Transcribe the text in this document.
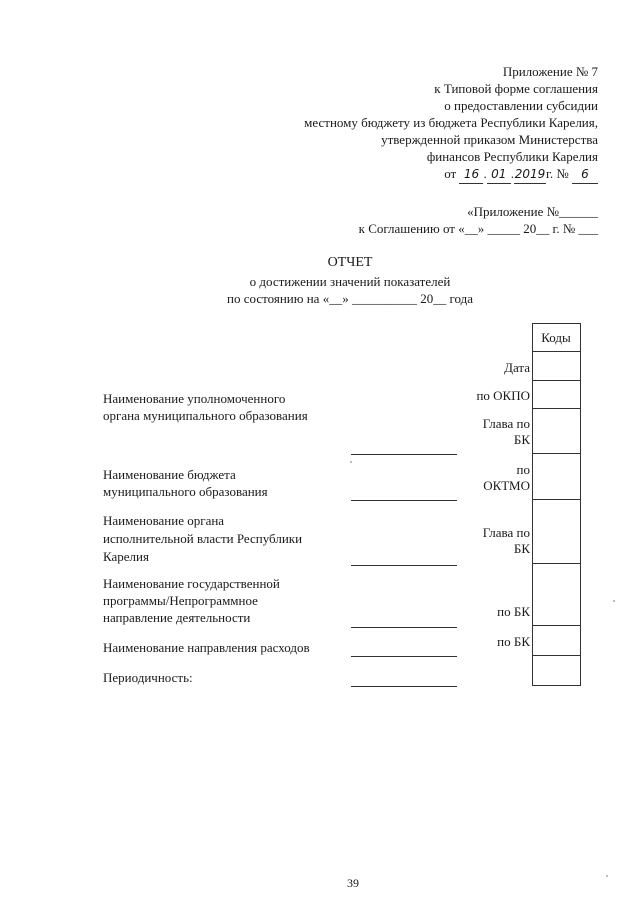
Приложение № 7
к Типовой форме соглашения
о предоставлении субсидии
местному бюджету из бюджета Республики Карелия,
утвержденной приказом Министерства
финансов Республики Карелия
от 16 . 01 .2019г. № 6
«Приложение №______
к Соглашению от «__» _____ 20__ г. № ___
ОТЧЕТ
о достижении значений показателей
по состоянию на «__» __________ 20__ года
Коды
Дата
по ОКПО
Глава по
БК
по
ОКТМО
Глава по
БК
по БК
по БК
Наименование уполномоченного
органа муниципального образования
Наименование бюджета
муниципального образования
Наименование органа
исполнительной власти Республики
Карелия
Наименование государственной
программы/Непрограммное
направление деятельности
Наименование направления расходов
Периодичность:
39
